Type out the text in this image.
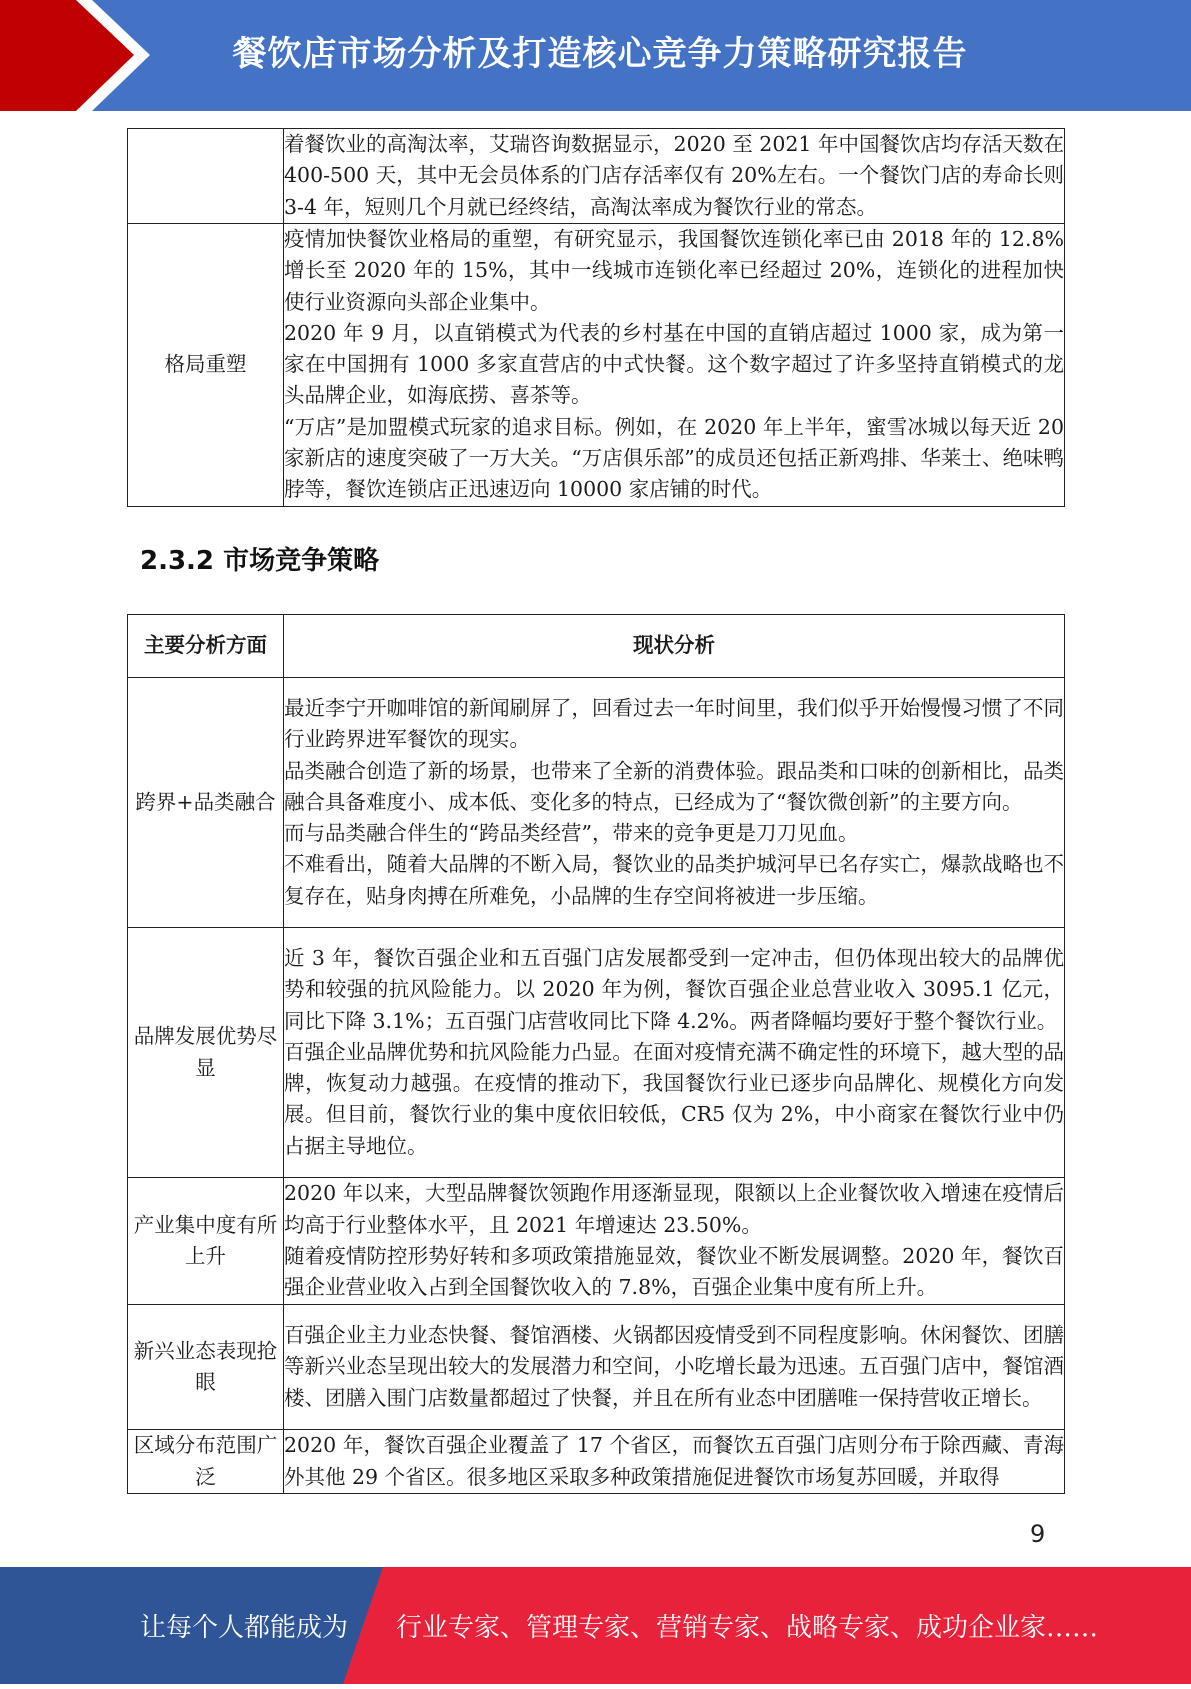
餐饮店市场分析及打造核心竞争力策略研究报告

	着餐饮业的高淘汰率，艾瑞咨询数据显示，2020 至 2021 年中国餐饮店均存活天数在 400-500 天，其中无会员体系的门店存活率仅有 20%左右。一个餐饮门店的寿命长则 3-4 年，短则几个月就已经终结，高淘汰率成为餐饮行业的常态。

格局重塑	疫情加快餐饮业格局的重塑，有研究显示，我国餐饮连锁化率已由 2018 年的 12.8%增长至 2020 年的 15%，其中一线城市连锁化率已经超过 20%，连锁化的进程加快使行业资源向头部企业集中。

2020 年 9 月，以直销模式为代表的乡村基在中国的直销店超过 1000 家，成为第一家在中国拥有 1000 多家直营店的中式快餐。这个数字超过了许多坚持直销模式的龙头品牌企业，如海底捞、喜茶等。

“万店”是加盟模式玩家的追求目标。例如，在 2020 年上半年，蜜雪冰城以每天近 20 家新店的速度突破了一万大关。“万店俱乐部”的成员还包括正新鸡排、华莱士、绝味鸭脖等，餐饮连锁店正迅速迈向 10000 家店铺的时代。

2.3.2 市场竞争策略
主要分析方面	现状分析
跨界+品类融合	最近李宁开咖啡馆的新闻刷屏了，回看过去一年时间里，我们似乎开始慢慢习惯了不同行业跨界进军餐饮的现实。

品类融合创造了新的场景，也带来了全新的消费体验。跟品类和口味的创新相比，品类融合具备难度小、成本低、变化多的特点，已经成为了“餐饮微创新”的主要方向。

而与品类融合伴生的“跨品类经营”，带来的竞争更是刀刀见血。

不难看出，随着大品牌的不断入局，餐饮业的品类护城河早已名存实亡，爆款战略也不复存在，贴身肉搏在所难免，小品牌的生存空间将被进一步压缩。

品牌发展优势尽显	近 3 年，餐饮百强企业和五百强门店发展都受到一定冲击，但仍体现出较大的品牌优势和较强的抗风险能力。以 2020 年为例，餐饮百强企业总营业收入 3095.1 亿元，同比下降 3.1%；五百强门店营收同比下降 4.2%。两者降幅均要好于整个餐饮行业。

百强企业品牌优势和抗风险能力凸显。在面对疫情充满不确定性的环境下，越大型的品牌，恢复动力越强。在疫情的推动下，我国餐饮行业已逐步向品牌化、规模化方向发展。但目前，餐饮行业的集中度依旧较低，CR5 仅为 2%，中小商家在餐饮行业中仍占据主导地位。

产业集中度有所上升	2020 年以来，大型品牌餐饮领跑作用逐渐显现，限额以上企业餐饮收入增速在疫情后均高于行业整体水平，且 2021 年增速达 23.50%。

随着疫情防控形势好转和多项政策措施显效，餐饮业不断发展调整。2020 年，餐饮百强企业营业收入占到全国餐饮收入的 7.8%，百强企业集中度有所上升。

新兴业态表现抢眼	百强企业主力业态快餐、餐馆酒楼、火锅都因疫情受到不同程度影响。休闲餐饮、团膳等新兴业态呈现出较大的发展潜力和空间，小吃增长最为迅速。五百强门店中，餐馆酒楼、团膳入围门店数量都超过了快餐，并且在所有业态中团膳唯一保持营收正增长。

区域分布范围广泛	2020 年，餐饮百强企业覆盖了 17 个省区，而餐饮五百强门店则分布于除西藏、青海外其他 29 个省区。很多地区采取多种政策措施促进餐饮市场复苏回暖，并取得

9
让每个人都能成为 行业专家、管理专家、营销专家、战略专家、成功企业家……
